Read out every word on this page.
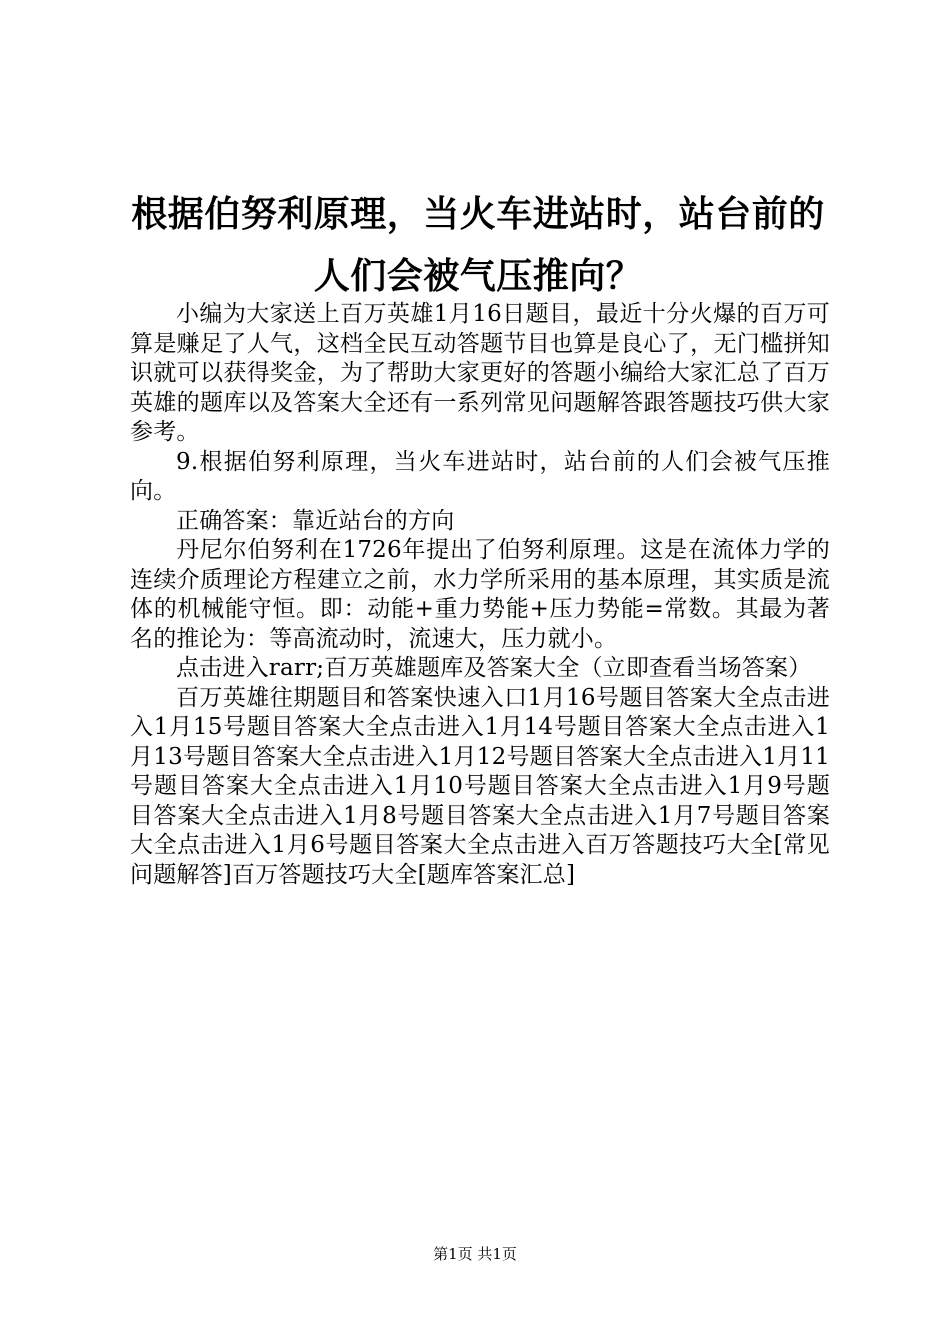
根据伯努利原理，当火车进站时，站台前的人们会被气压推向？

小编为大家送上百万英雄1月16日题目，最近十分火爆的百万可算是赚足了人气，这档全民互动答题节目也算是良心了，无门槛拼知识就可以获得奖金，为了帮助大家更好的答题小编给大家汇总了百万英雄的题库以及答案大全还有一系列常见问题解答跟答题技巧供大家参考。

9.根据伯努利原理，当火车进站时，站台前的人们会被气压推向。

正确答案：靠近站台的方向

丹尼尔伯努利在1726年提出了伯努利原理。这是在流体力学的连续介质理论方程建立之前，水力学所采用的基本原理，其实质是流体的机械能守恒。即：动能+重力势能+压力势能=常数。其最为著名的推论为：等高流动时，流速大，压力就小。

点击进入rarr;百万英雄题库及答案大全（立即查看当场答案）

百万英雄往期题目和答案快速入口1月16号题目答案大全点击进入1月15号题目答案大全点击进入1月14号题目答案大全点击进入1月13号题目答案大全点击进入1月12号题目答案大全点击进入1月11号题目答案大全点击进入1月10号题目答案大全点击进入1月9号题目答案大全点击进入1月8号题目答案大全点击进入1月7号题目答案大全点击进入1月6号题目答案大全点击进入百万答题技巧大全[常见问题解答]百万答题技巧大全[题库答案汇总]

第1页 共1页
